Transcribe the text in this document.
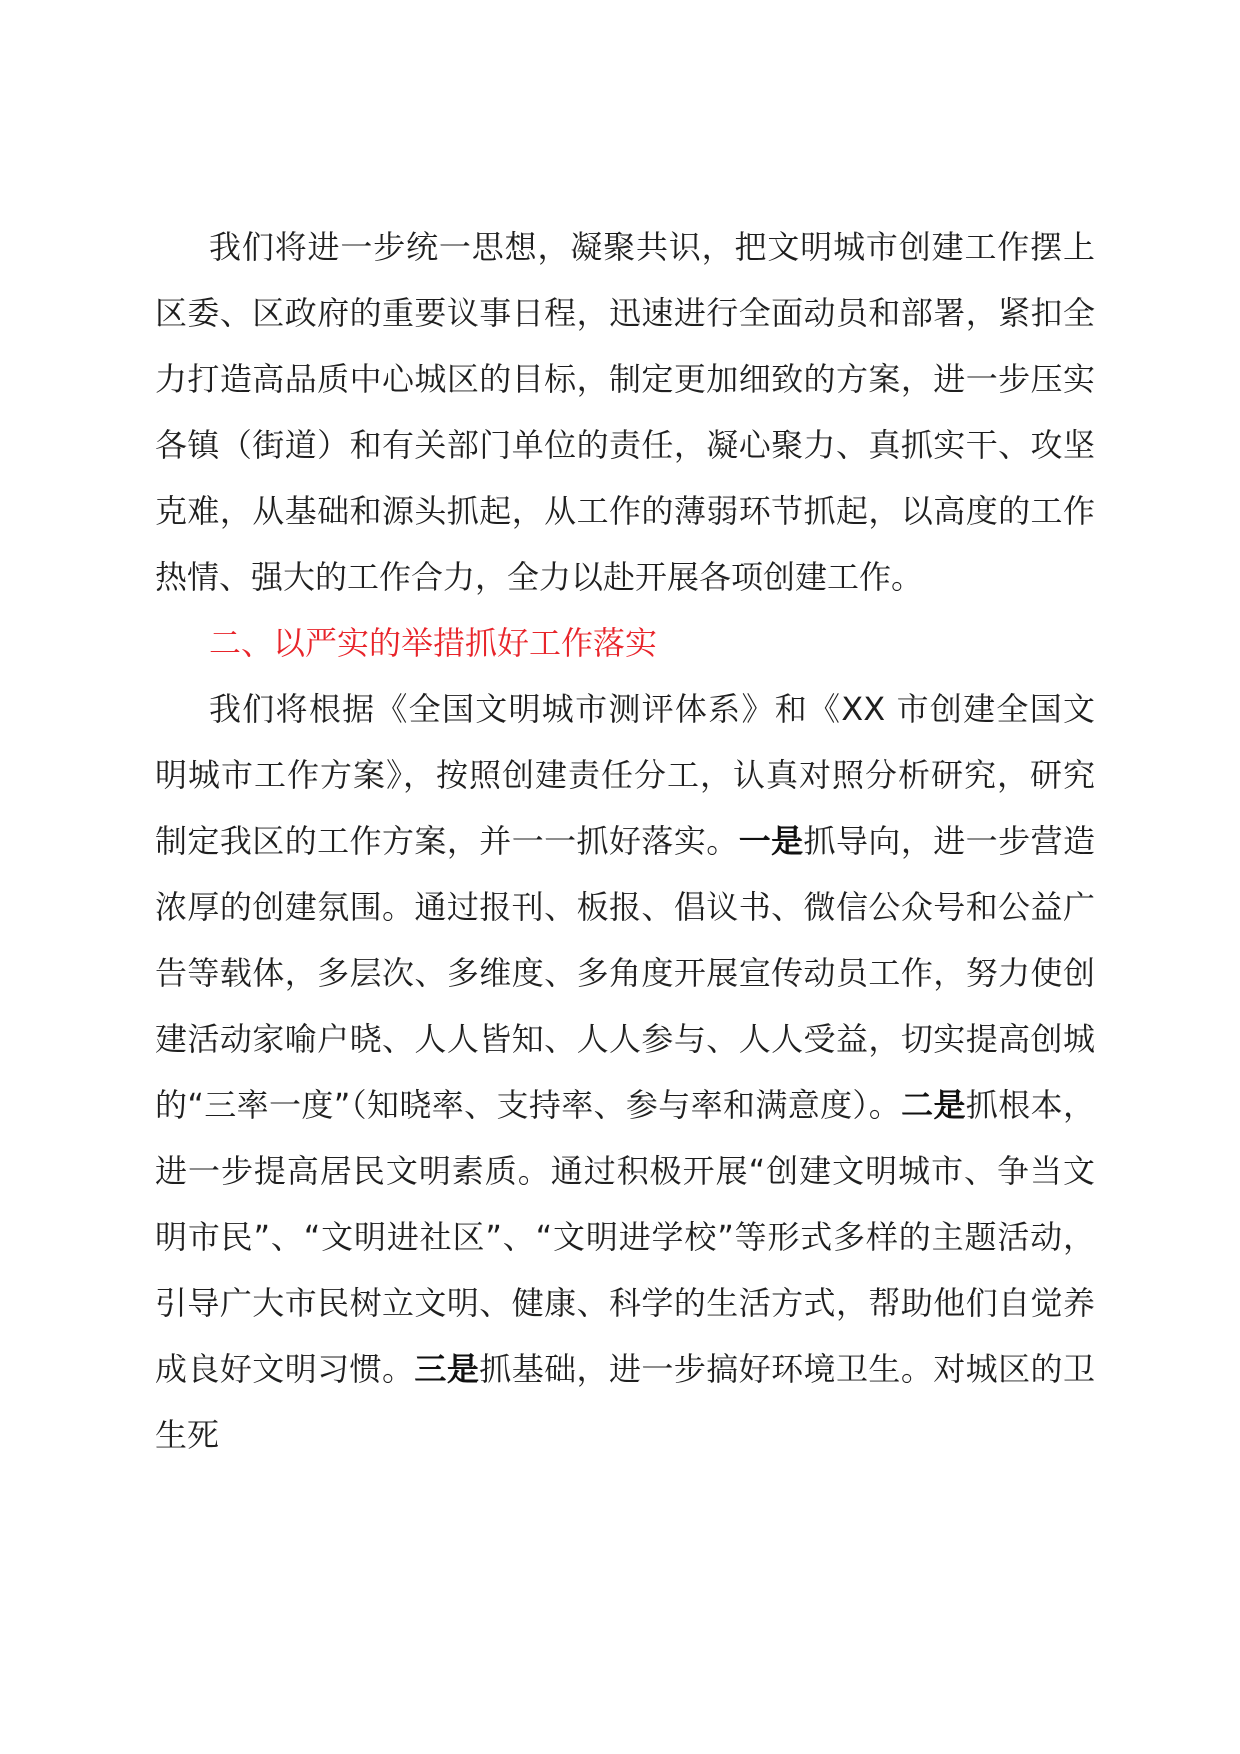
我们将进一步统一思想，凝聚共识，把文明城市创建工作摆上区委、区政府的重要议事日程，迅速进行全面动员和部署，紧扣全力打造高品质中心城区的目标，制定更加细致的方案，进一步压实各镇（街道）和有关部门单位的责任，凝心聚力、真抓实干、攻坚克难，从基础和源头抓起，从工作的薄弱环节抓起，以高度的工作热情、强大的工作合力，全力以赴开展各项创建工作。

二、以严实的举措抓好工作落实

我们将根据《全国文明城市测评体系》和《XX 市创建全国文明城市工作方案》，按照创建责任分工，认真对照分析研究，研究制定我区的工作方案，并一一抓好落实。一是抓导向，进一步营造浓厚的创建氛围。通过报刊、板报、倡议书、微信公众号和公益广告等载体，多层次、多维度、多角度开展宣传动员工作，努力使创建活动家喻户晓、人人皆知、人人参与、人人受益，切实提高创城的“三率一度”（知晓率、支持率、参与率和满意度）。二是抓根本，进一步提高居民文明素质。通过积极开展“创建文明城市、争当文明市民”、“文明进社区”、“文明进学校”等形式多样的主题活动，引导广大市民树立文明、健康、科学的生活方式，帮助他们自觉养成良好文明习惯。三是抓基础，进一步搞好环境卫生。对城区的卫生死
